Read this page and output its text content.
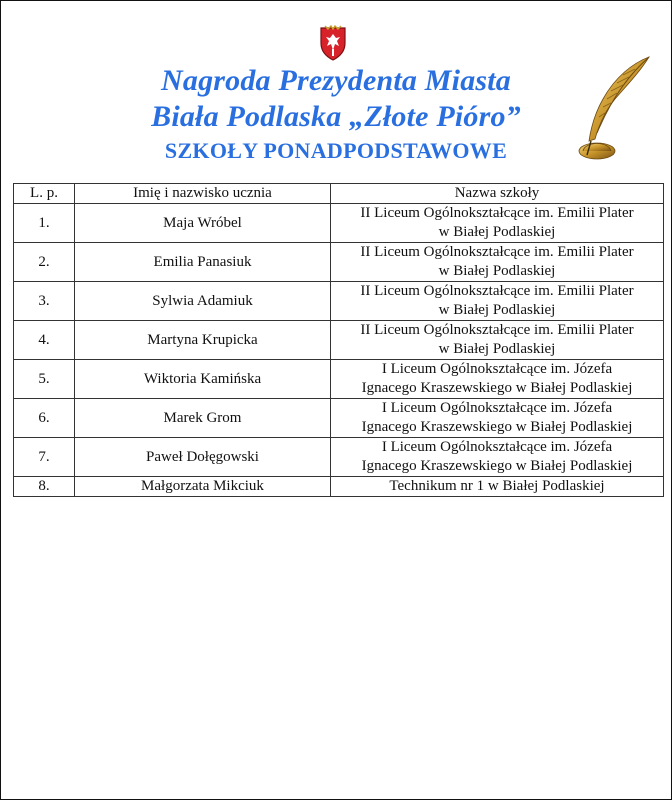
Nagroda Prezydenta Miasta
Biała Podlaska „Złote Pióro”
SZKOŁY PONADPODSTAWOWE
L. p.	Imię i nazwisko ucznia	Nazwa szkoły
1.	Maja Wróbel	II Liceum Ogólnokształcące im. Emilii Plater
w Białej Podlaskiej

2.	Emilia Panasiuk	II Liceum Ogólnokształcące im. Emilii Plater
w Białej Podlaskiej

3.	Sylwia Adamiuk	II Liceum Ogólnokształcące im. Emilii Plater
w Białej Podlaskiej

4.	Martyna Krupicka	II Liceum Ogólnokształcące im. Emilii Plater
w Białej Podlaskiej

5.	Wiktoria Kamińska	I Liceum Ogólnokształcące im. Józefa
Ignacego Kraszewskiego w Białej Podlaskiej

6.	Marek Grom	I Liceum Ogólnokształcące im. Józefa
Ignacego Kraszewskiego w Białej Podlaskiej

7.	Paweł Dołęgowski	I Liceum Ogólnokształcące im. Józefa
Ignacego Kraszewskiego w Białej Podlaskiej

8.	Małgorzata Mikciuk	Technikum nr 1 w Białej Podlaskiej
